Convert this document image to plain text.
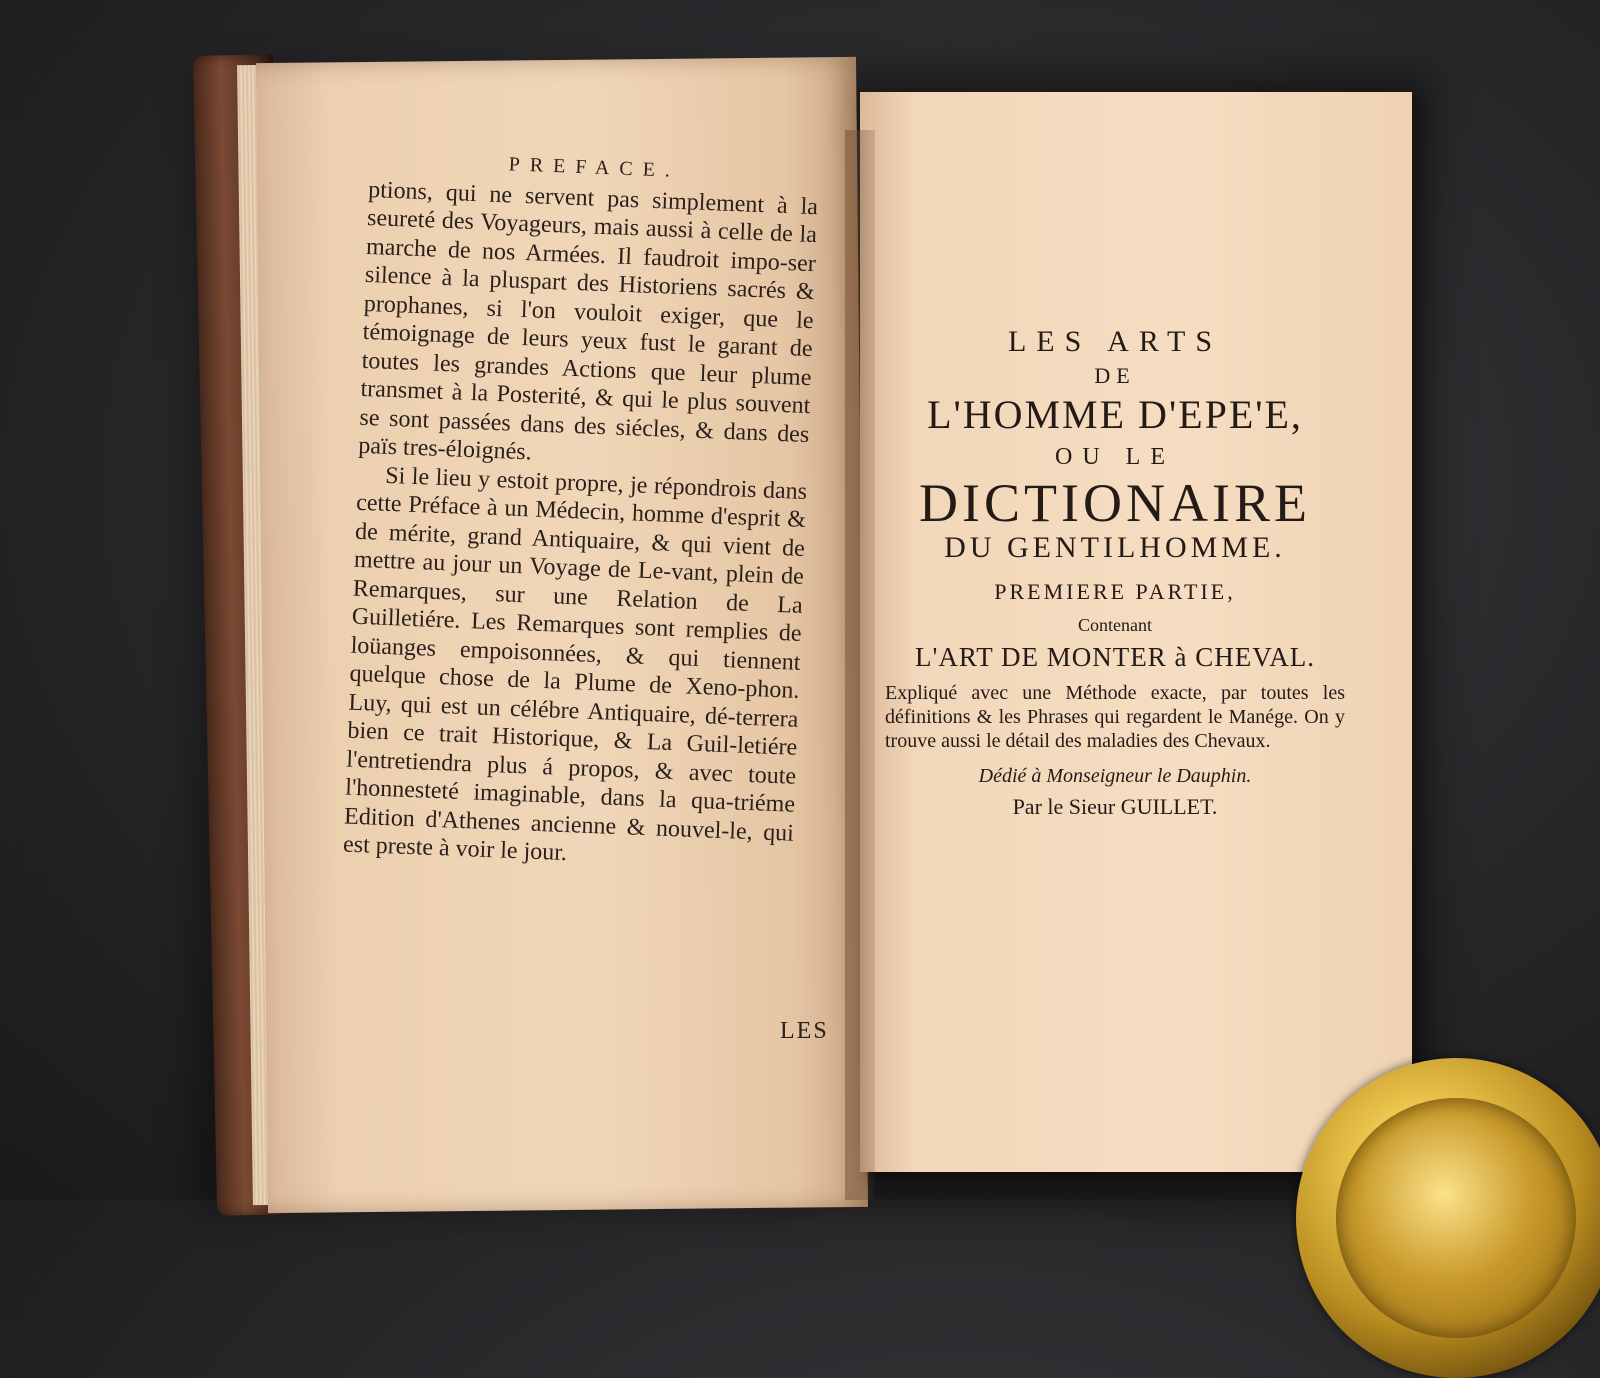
PREFACE.

ptions, qui ne servent pas simplement à la seureté des Voyageurs, mais aussi à celle de la marche de nos Armées. Il faudroit impo-ser silence à la pluspart des Historiens sacrés & prophanes, si l'on vouloit exiger, que le témoignage de leurs yeux fust le garant de toutes les grandes Actions que leur plume transmet à la Posterité, & qui le plus souvent se sont passées dans des siécles, & dans des païs tres-éloignés.

Si le lieu y estoit propre, je répondrois dans cette Préface à un Médecin, homme d'esprit & de mérite, grand Antiquaire, & qui vient de mettre au jour un Voyage de Le-vant, plein de Remarques, sur une Relation de La Guilletiére. Les Remarques sont remplies de loüanges empoisonnées, & qui tiennent quelque chose de la Plume de Xeno-phon. Luy, qui est un célébre Antiquaire, dé-terrera bien ce trait Historique, & La Guil-letiére l'entretiendra plus á propos, & avec toute l'honnesteté imaginable, dans la qua-triéme Edition d'Athenes ancienne & nouvel-le, qui est preste à voir le jour.

LES
LES ARTS
DE
L'HOMME D'EPE'E,
OU LE
DICTIONAIRE
DU GENTILHOMME.
PREMIERE PARTIE,
Contenant
L'ART DE MONTER à CHEVAL.
Expliqué avec une Méthode exacte, par toutes les définitions & les Phrases qui regardent le Manége. On y trouve aussi le détail des maladies des Chevaux.
Dédié à Monseigneur le Dauphin.
Par le Sieur GUILLET.
